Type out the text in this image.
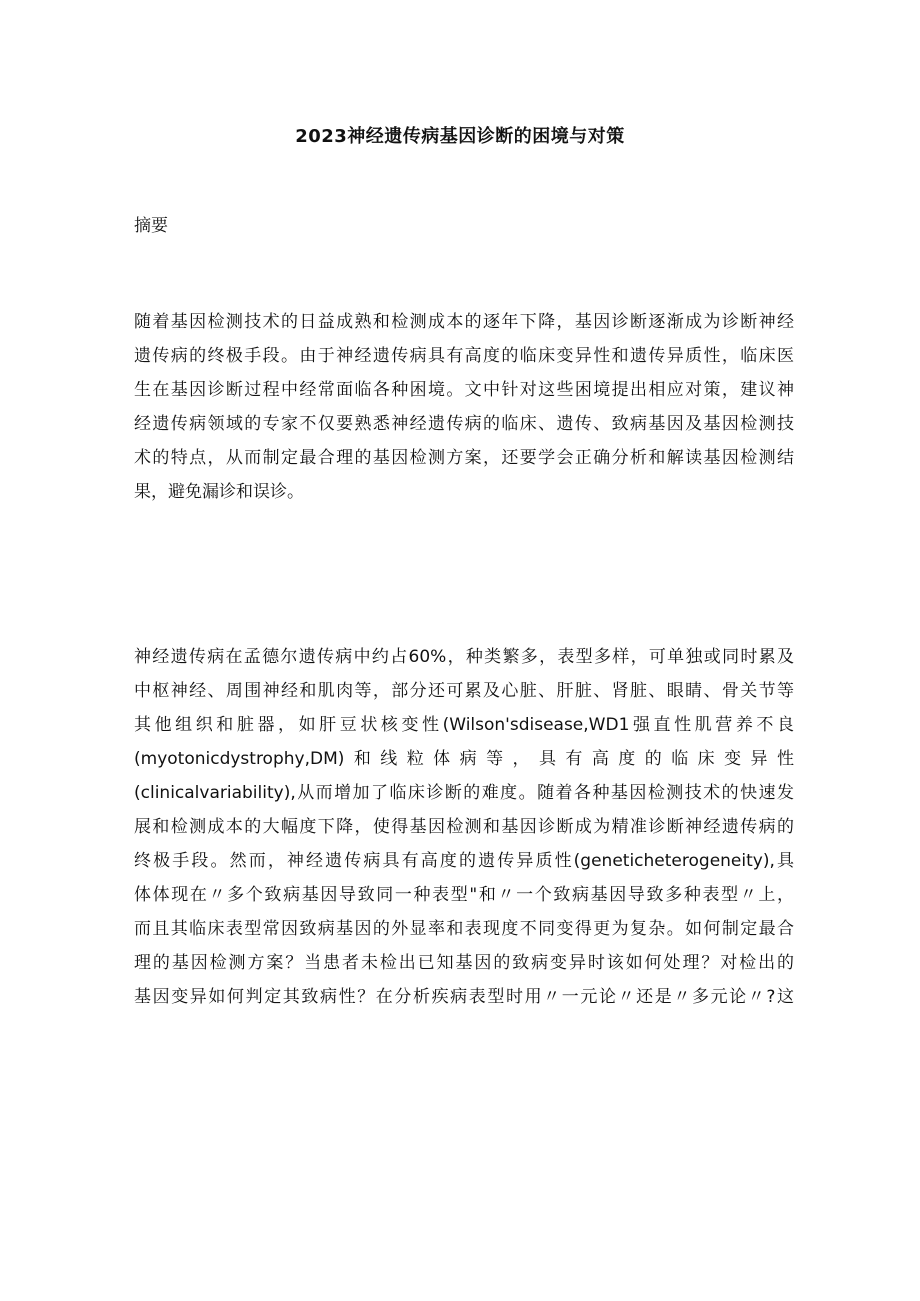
2023神经遗传病基因诊断的困境与对策
摘要
随着基因检测技术的日益成熟和检测成本的逐年下降，基因诊断逐渐成为诊断神经
遗传病的终极手段。由于神经遗传病具有高度的临床变异性和遗传异质性，临床医
生在基因诊断过程中经常面临各种困境。文中针对这些困境提出相应对策，建议神
经遗传病领域的专家不仅要熟悉神经遗传病的临床、遗传、致病基因及基因检测技
术的特点，从而制定最合理的基因检测方案，还要学会正确分析和解读基因检测结
果，避免漏诊和误诊。
神经遗传病在孟德尔遗传病中约占60%，种类繁多，表型多样，可单独或同时累及
中枢神经、周围神经和肌肉等，部分还可累及心脏、肝脏、肾脏、眼睛、骨关节等
其他组织和脏器，如肝豆状核变性(Wilson'sdisease,WD1强直性肌营养不良
(myotonicdystrophy,DM)和线粒体病等，具有高度的临床变异性
(clinicalvariability),从而增加了临床诊断的难度。随着各种基因检测技术的快速发
展和检测成本的大幅度下降，使得基因检测和基因诊断成为精准诊断神经遗传病的
终极手段。然而，神经遗传病具有高度的遗传异质性(geneticheterogeneity),具
体体现在〃多个致病基因导致同一种表型"和〃一个致病基因导致多种表型〃上，
而且其临床表型常因致病基因的外显率和表现度不同变得更为复杂。如何制定最合
理的基因检测方案？当患者未检出已知基因的致病变异时该如何处理？对检出的
基因变异如何判定其致病性？在分析疾病表型时用〃一元论〃还是〃多元论〃?这
